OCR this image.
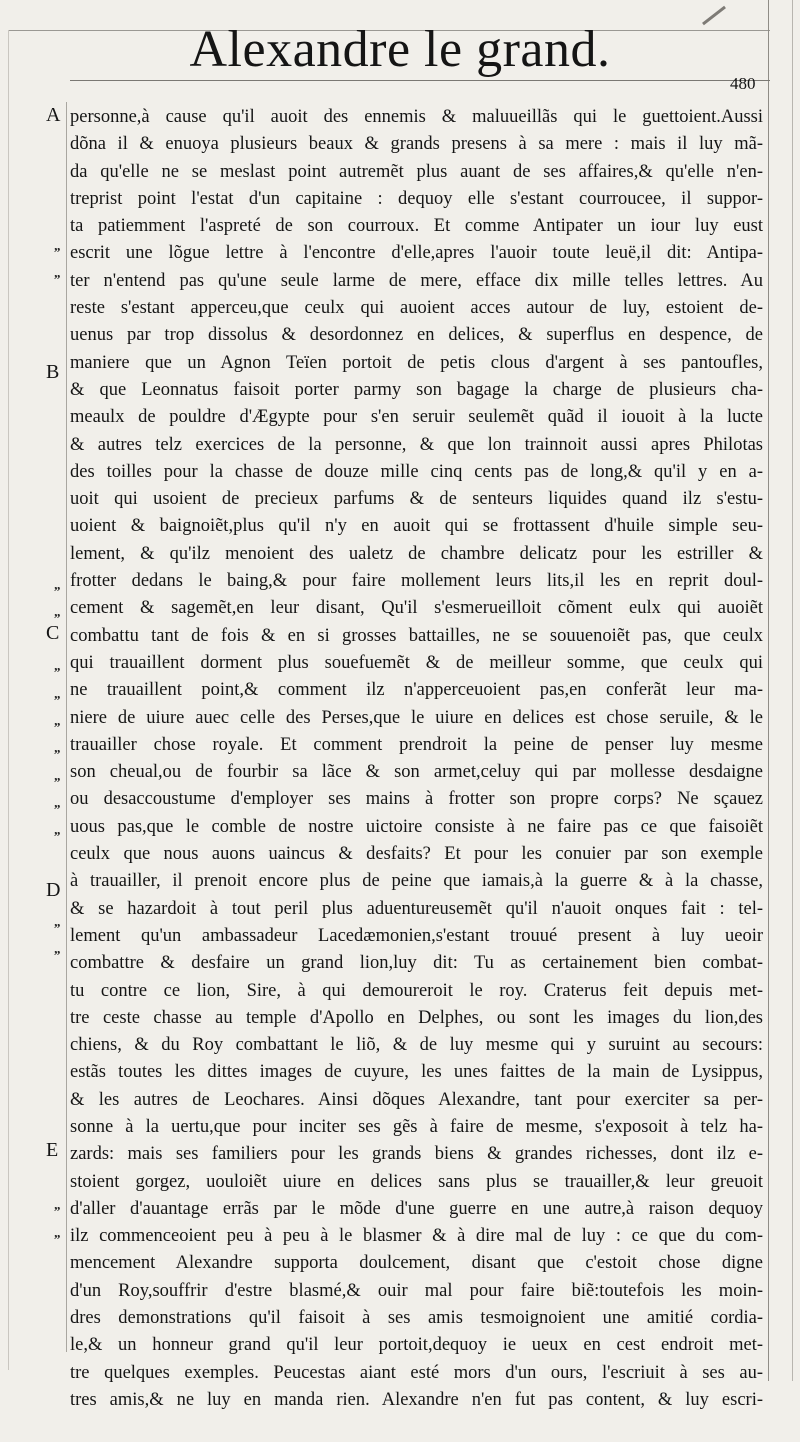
Alexandre le grand.
480
A
B
C
D
E
„
„
„
„
„
„
„
„
„
„
„
„
„
„
„
personne,à cause qu'il auoit des ennemis & maluueillãs qui le guettoient.Aussi
dõna il & enuoya plusieurs beaux & grands presens à sa mere : mais il luy mã-
da qu'elle ne se meslast point autremẽt plus auant de ses affaires,& qu'elle n'en-
treprist point l'estat d'un capitaine : dequoy elle s'estant courroucee, il suppor-
ta patiemment l'aspreté de son courroux. Et comme Antipater un iour luy eust
escrit une lõgue lettre à l'encontre d'elle,apres l'auoir toute leuë,il dit: Antipa-
ter n'entend pas qu'une seule larme de mere, efface dix mille telles lettres. Au
reste s'estant apperceu,que ceulx qui auoient acces autour de luy, estoient de-
uenus par trop dissolus & desordonnez en delices, & superflus en despence, de
maniere que un Agnon Teïen portoit de petis clous d'argent à ses pantoufles,
& que Leonnatus faisoit porter parmy son bagage la charge de plusieurs cha-
meaulx de pouldre d'Ægypte pour s'en seruir seulemẽt quãd il iouoit à la lucte
& autres telz exercices de la personne, & que lon trainnoit aussi apres Philotas
des toilles pour la chasse de douze mille cinq cents pas de long,& qu'il y en a-
uoit qui usoient de precieux parfums & de senteurs liquides quand ilz s'estu-
uoient & baignoiẽt,plus qu'il n'y en auoit qui se frottassent d'huile simple seu-
lement, & qu'ilz menoient des ualetz de chambre delicatz pour les estriller &
frotter dedans le baing,& pour faire mollement leurs lits,il les en reprit doul-
cement & sagemẽt,en leur disant, Qu'il s'esmerueilloit cõment eulx qui auoiẽt
combattu tant de fois & en si grosses battailles, ne se souuenoiẽt pas, que ceulx
qui trauaillent dorment plus souefuemẽt & de meilleur somme, que ceulx qui
ne trauaillent point,& comment ilz n'apperceuoient pas,en conferãt leur ma-
niere de uiure auec celle des Perses,que le uiure en delices est chose seruile, & le
trauailler chose royale. Et comment prendroit la peine de penser luy mesme
son cheual,ou de fourbir sa lãce & son armet,celuy qui par mollesse desdaigne
ou desaccoustume d'employer ses mains à frotter son propre corps? Ne sçauez
uous pas,que le comble de nostre uictoire consiste à ne faire pas ce que faisoiẽt
ceulx que nous auons uaincus & desfaits? Et pour les conuier par son exemple
à trauailler, il prenoit encore plus de peine que iamais,à la guerre & à la chasse,
& se hazardoit à tout peril plus aduentureusemẽt qu'il n'auoit onques fait : tel-
lement qu'un ambassadeur Lacedæmonien,s'estant trouué present à luy ueoir
combattre & desfaire un grand lion,luy dit: Tu as certainement bien combat-
tu contre ce lion, Sire, à qui demoureroit le roy. Craterus feit depuis met-
tre ceste chasse au temple d'Apollo en Delphes, ou sont les images du lion,des
chiens, & du Roy combattant le liõ, & de luy mesme qui y suruint au secours:
estãs toutes les dittes images de cuyure, les unes faittes de la main de Lysippus,
& les autres de Leochares. Ainsi dõques Alexandre, tant pour exerciter sa per-
sonne à la uertu,que pour inciter ses gẽs à faire de mesme, s'exposoit à telz ha-
zards: mais ses familiers pour les grands biens & grandes richesses, dont ilz e-
stoient gorgez, uouloiẽt uiure en delices sans plus se trauailler,& leur greuoit
d'aller d'auantage errãs par le mõde d'une guerre en une autre,à raison dequoy
ilz commenceoient peu à peu à le blasmer & à dire mal de luy : ce que du com-
mencement Alexandre supporta doulcement, disant que c'estoit chose digne
d'un Roy,souffrir d'estre blasmé,& ouir mal pour faire biẽ:toutefois les moin-
dres demonstrations qu'il faisoit à ses amis tesmoignoient une amitié cordia-
le,& un honneur grand qu'il leur portoit,dequoy ie ueux en cest endroit met-
tre quelques exemples. Peucestas aiant esté mors d'un ours, l'escriuit à ses au-
tres amis,& ne luy en manda rien. Alexandre n'en fut pas content, & luy escri-
